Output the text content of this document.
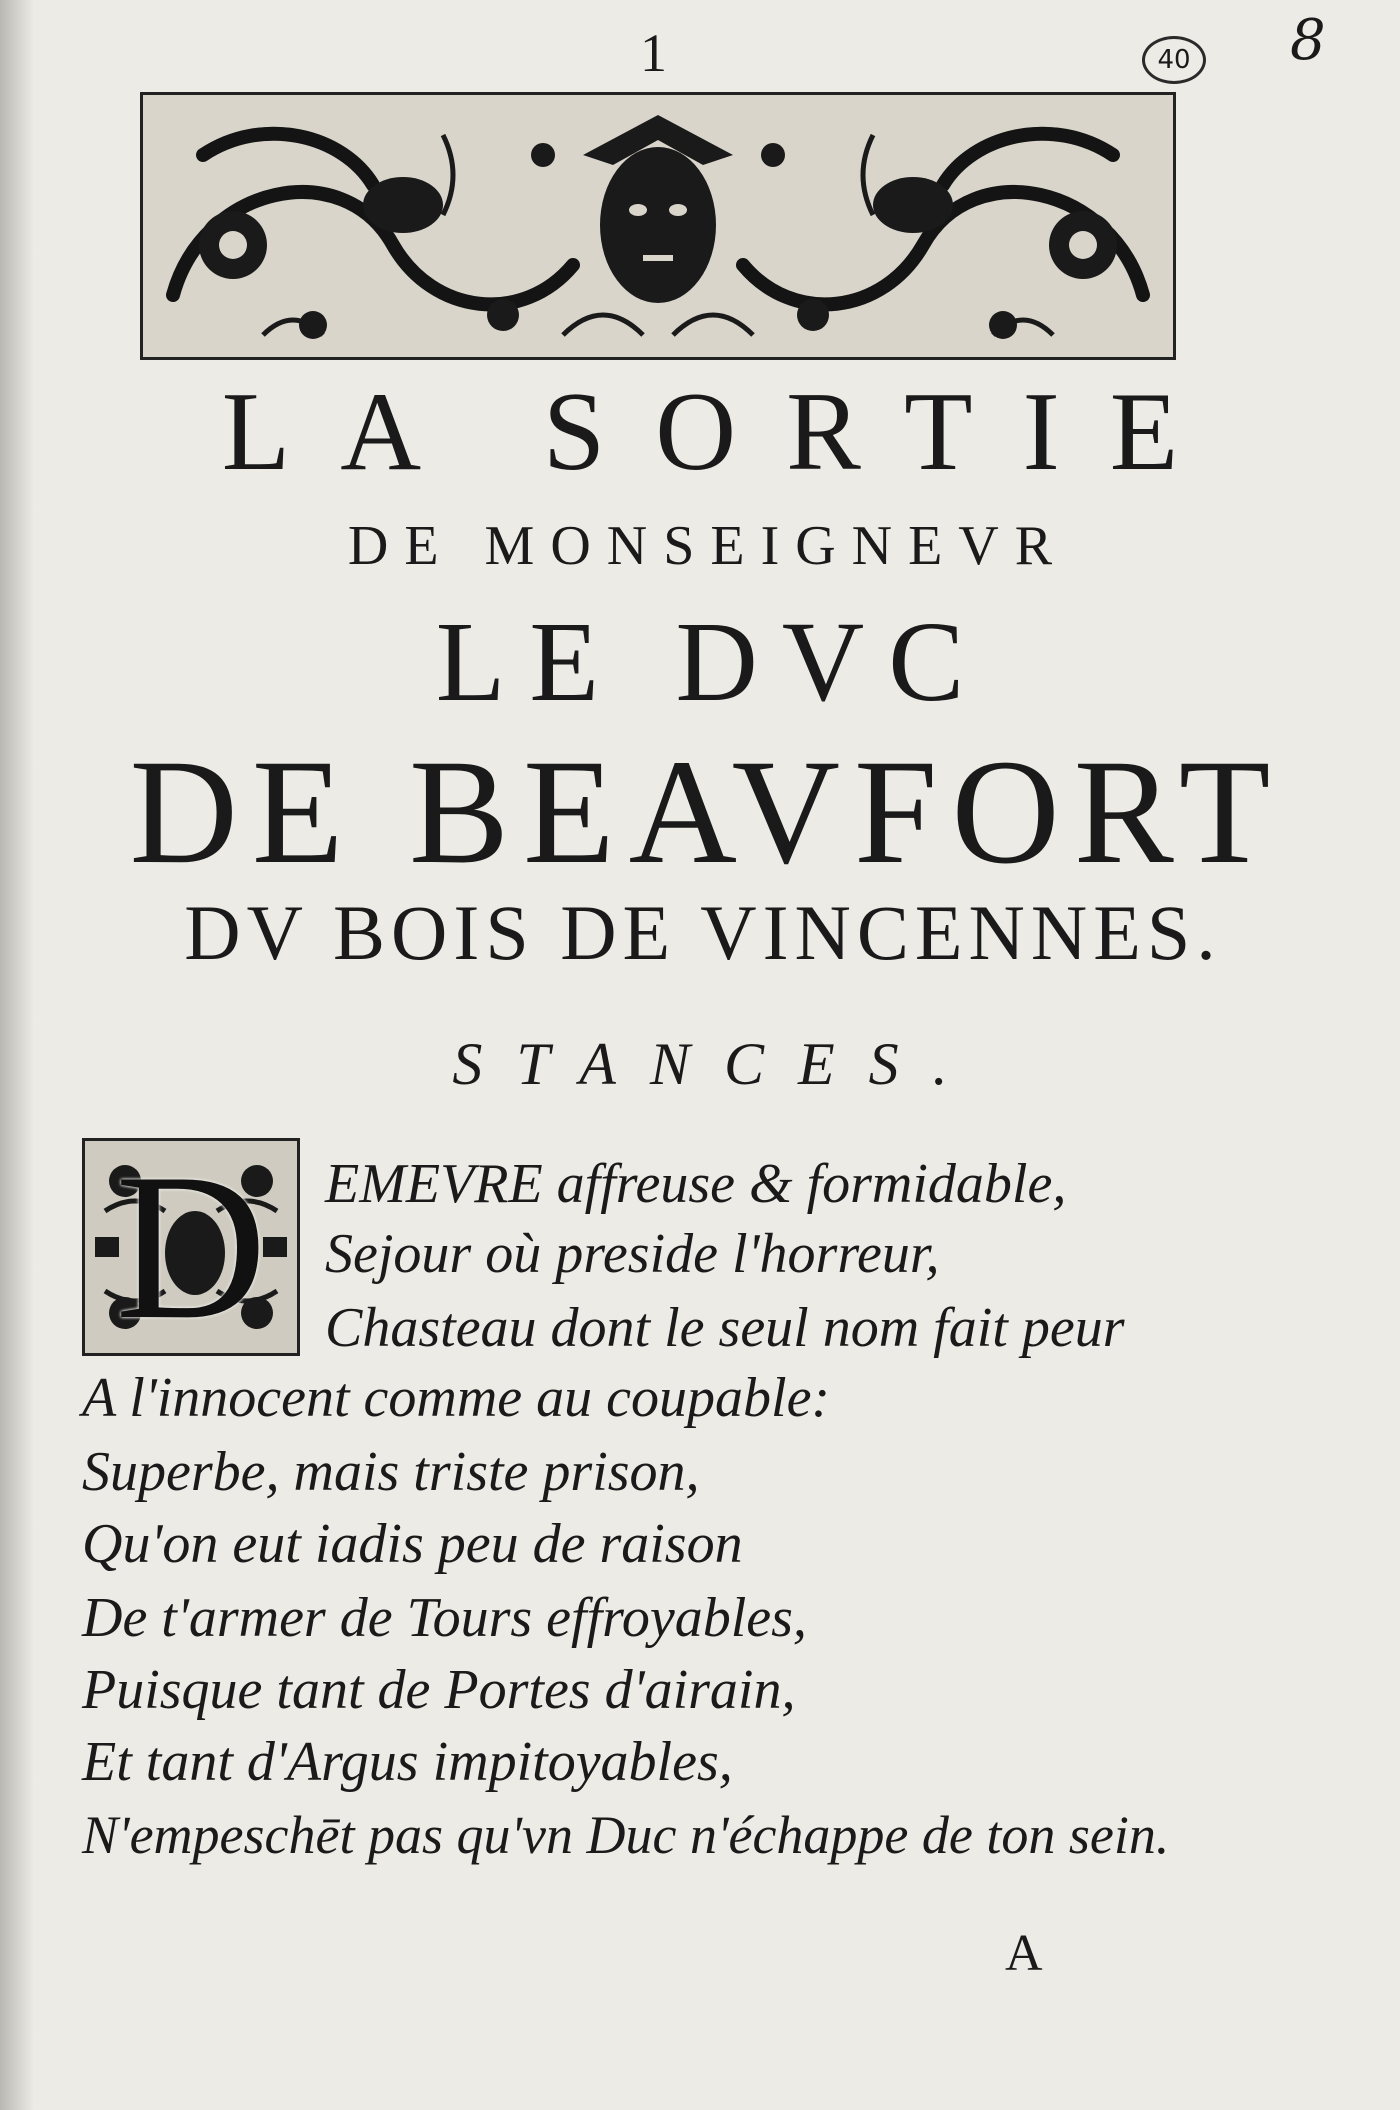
1	40 8
LA SORTIE
DE MONSEIGNEVR
LE DVC
DE BEAVFORT
DV BOIS DE VINCENNES.
STANCES.
D	EMEVRE affreuse & formidable,
Sejour où preside l'horreur,
Chasteau dont le seul nom fait peur
A l'innocent comme au coupable:
Superbe, mais triste prison,
Qu'on eut iadis peu de raison
De t'armer de Tours effroyables,
Puisque tant de Portes d'airain,
Et tant d'Argus impitoyables,
N'empeschēt pas qu'vn Duc n'échappe de ton sein.
A
